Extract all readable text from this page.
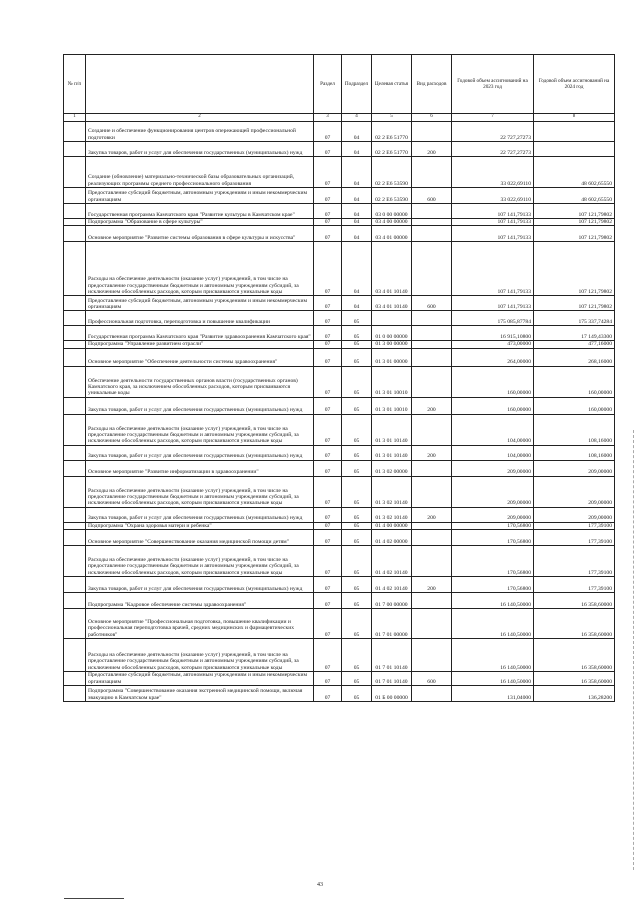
№ п/п		Раздел	Подраздел	Целевая статья	Вид расходов	Годовой объем ассигнований на 2023 год	Годовой объем ассигнований на 2024 год
1	2	3	4	5	6	7	8
	Создание и обеспечение функционирования центров опережающей профессиональной подготовки	07	04	02 2 E6 51770		22 727,27273	
	Закупка товаров, работ и услуг для обеспечения государственных (муниципальных) нужд	07	04	02 2 E6 51770	200	22 727,27273	
	Создание (обновление) материально-технической базы образовательных организаций, реализующих программы среднего профессионального образования	07	04	02 2 E6 53590		33 022,69110	48 602,65550
	Предоставление субсидий бюджетным, автономным учреждениям и иным некоммерческим организациям	07	04	02 2 E6 53590	600	33 022,69110	48 602,65550
	Государственная программа Камчатского края "Развитие культуры в Камчатском крае"	07	04	03 0 00 00000		107 141,79133	107 121,79802
	Подпрограмма "Образование в сфере культуры"	07	04	03 4 00 00000		107 141,79133	107 121,79802
	Основное мероприятие "Развитие системы образования в сфере культуры и искусства"	07	04	03 4 01 00000		107 141,79133	107 121,79802
	Расходы на обеспечение деятельности (оказание услуг) учреждений, в том числе на предоставление государственным бюджетным и автономным учреждениям субсидий, за исключением обособленных расходов, которым присваиваются уникальные коды	07	04	03 4 01 10140		107 141,79133	107 121,79802
	Предоставление субсидий бюджетным, автономным учреждениям и иным некоммерческим организациям	07	04	03 4 01 10140	600	107 141,79133	107 121,79802
	Профессиональная подготовка, переподготовка и повышение квалификации	07	05			175 085,87784	175 337,74284
	Государственная программа Камчатского края "Развитие здравоохранения Камчатского края"	07	05	01 0 00 00000		16 915,10800	17 149,43300
	Подпрограмма "Управление развитием отрасли"	07	05	01 3 00 00000		473,00000	477,16000
	Основное мероприятие "Обеспечение деятельности системы здравоохранения"	07	05	01 3 01 00000		264,00000	268,16000
	Обеспечение деятельности государственных органов власти (государственных органов) Камчатского края, за исключением обособленных расходов, которым присваиваются уникальные коды	07	05	01 3 01 10010		160,00000	160,00000
	Закупка товаров, работ и услуг для обеспечения государственных (муниципальных) нужд	07	05	01 3 01 10010	200	160,00000	160,00000
	Расходы на обеспечение деятельности (оказание услуг) учреждений, в том числе на предоставление государственным бюджетным и автономным учреждениям субсидий, за исключением обособленных расходов, которым присваиваются уникальные коды	07	05	01 3 01 10140		104,00000	108,16000
	Закупка товаров, работ и услуг для обеспечения государственных (муниципальных) нужд	07	05	01 3 01 10140	200	104,00000	108,16000
	Основное мероприятие "Развитие информатизации в здравоохранении"	07	05	01 3 02 00000		209,00000	209,00000
	Расходы на обеспечение деятельности (оказание услуг) учреждений, в том числе на предоставление государственным бюджетным и автономным учреждениям субсидий, за исключением обособленных расходов, которым присваиваются уникальные коды	07	05	01 3 02 10140		209,00000	209,00000
	Закупка товаров, работ и услуг для обеспечения государственных (муниципальных) нужд	07	05	01 3 02 10140	200	209,00000	209,00000
	Подпрограмма "Охрана здоровья матери и ребенка"	07	05	01 4 00 00000		170,56800	177,39100
	Основное мероприятие "Совершенствование оказания медицинской помощи детям"	07	05	01 4 02 00000		170,56800	177,39100
	Расходы на обеспечение деятельности (оказание услуг) учреждений, в том числе на предоставление государственным бюджетным и автономным учреждениям субсидий, за исключением обособленных расходов, которым присваиваются уникальные коды	07	05	01 4 02 10140		170,56800	177,39100
	Закупка товаров, работ и услуг для обеспечения государственных (муниципальных) нужд	07	05	01 4 02 10140	200	170,56800	177,39100
	Подпрограмма "Кадровое обеспечение системы здравоохранения"	07	05	01 7 00 00000		16 140,50000	16 358,60000
	Основное мероприятие "Профессиональная подготовка, повышение квалификации и профессиональная переподготовка врачей, средних медицинских и фармацевтических работников"	07	05	01 7 01 00000		16 140,50000	16 358,60000
	Расходы на обеспечение деятельности (оказание услуг) учреждений, в том числе на предоставление государственным бюджетным и автономным учреждениям субсидий, за исключением обособленных расходов, которым присваиваются уникальные коды	07	05	01 7 01 10140		16 140,50000	16 358,60000
	Предоставление субсидий бюджетным, автономным учреждениям и иным некоммерческим организациям	07	05	01 7 01 10140	600	16 140,50000	16 358,60000
	Подпрограмма "Совершенствование оказания экстренной медицинской помощи, включая эвакуацию в Камчатском крае"	07	05	01 Б 00 00000		131,04000	136,28200
43
